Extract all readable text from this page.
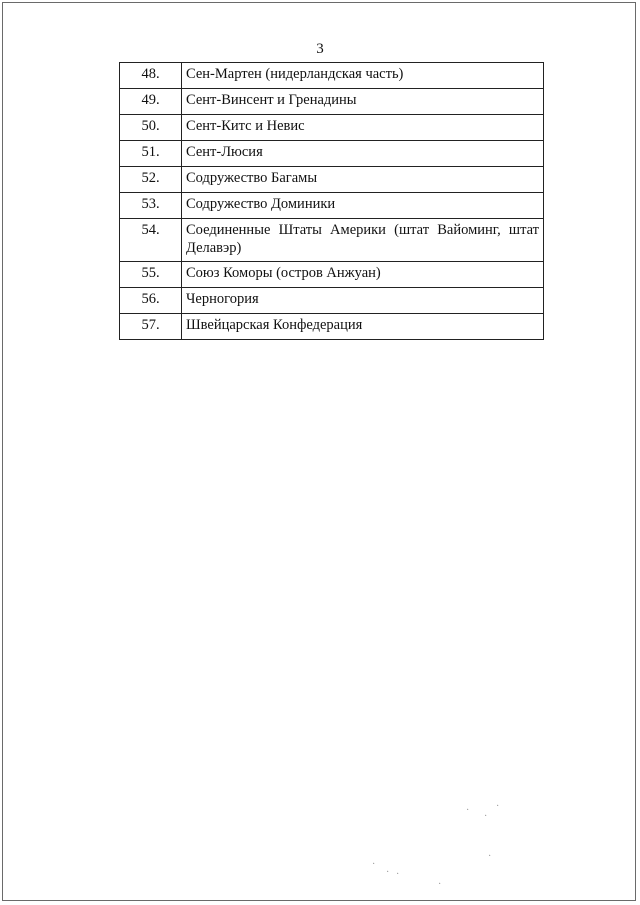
3
48.	Сен-Мартен (нидерландская часть)
49.	Сент-Винсент и Гренадины
50.	Сент-Китс и Невис
51.	Сент-Люсия
52.	Содружество Багамы
53.	Содружество Доминики
54.	Соединенные Штаты Америки (штат Вайоминг, штат Делавэр)
55.	Союз Коморы (остров Анжуан)
56.	Черногория
57.	Швейцарская Конфедерация
·
·
·
·
· ·
·
·
